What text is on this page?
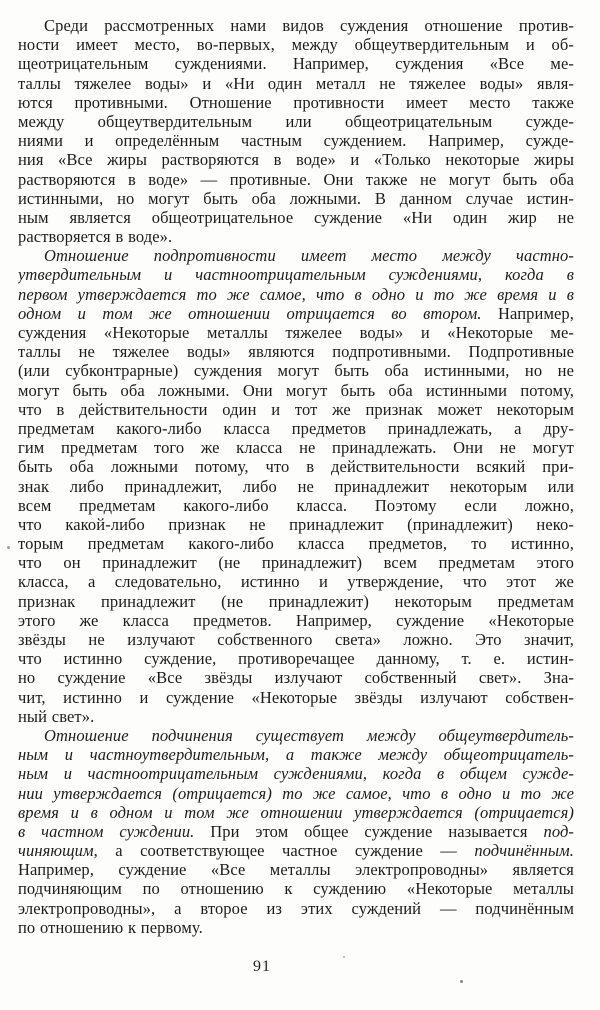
Среди рассмотренных нами видов суждения отношение против-
ности имеет место, во-первых, между общеутвердительным и об-
щеотрицательным суждениями. Например, суждения «Все ме-
таллы тяжелее воды» и «Ни один металл не тяжелее воды» явля-
ются противными. Отношение противности имеет место также
между общеутвердительным или общеотрицательным сужде-
ниями и определённым частным суждением. Например, сужде-
ния «Все жиры растворяются в воде» и «Только некоторые жиры
растворяются в воде» — противные. Они также не могут быть оба
истинными, но могут быть оба ложными. В данном случае истин-
ным является общеотрицательное суждение «Ни один жир не
растворяется в воде».
Отношение подпротивности имеет место между частно-
утвердительным и частноотрицательным суждениями, когда в
первом утверждается то же самое, что в одно и то же время и в
одном и том же отношении отрицается во втором. Например,
суждения «Некоторые металлы тяжелее воды» и «Некоторые ме-
таллы не тяжелее воды» являются подпротивными. Подпротивные
(или субконтрарные) суждения могут быть оба истинными, но не
могут быть оба ложными. Они могут быть оба истинными потому,
что в действительности один и тот же признак может некоторым
предметам какого-либо класса предметов принадлежать, а дру-
гим предметам того же класса не принадлежать. Они не могут
быть оба ложными потому, что в действительности всякий при-
знак либо принадлежит, либо не принадлежит некоторым или
всем предметам какого-либо класса. Поэтому если ложно,
что какой-либо признак не принадлежит (принадлежит) неко-
торым предметам какого-либо класса предметов, то истинно,
что он принадлежит (не принадлежит) всем предметам этого
класса, а следовательно, истинно и утверждение, что этот же
признак принадлежит (не принадлежит) некоторым предметам
этого же класса предметов. Например, суждение «Некоторые
звёзды не излучают собственного света» ложно. Это значит,
что истинно суждение, противоречащее данному, т. е. истин-
но суждение «Все звёзды излучают собственный свет». Зна-
чит, истинно и суждение «Некоторые звёзды излучают собствен-
ный свет».
Отношение подчинения существует между общеутвердитель-
ным и частноутвердительным, а также между общеотрицатель-
ным и частноотрицательным суждениями, когда в общем сужде-
нии утверждается (отрицается) то же самое, что в одно и то же
время и в одном и том же отношении утверждается (отрицается)
в частном суждении. При этом общее суждение называется под-
чиняющим, а соответствующее частное суждение — подчинённым.
Например, суждение «Все металлы электропроводны» является
подчиняющим по отношению к суждению «Некоторые металлы
электропроводны», а второе из этих суждений — подчинённым
по отношению к первому.
91
